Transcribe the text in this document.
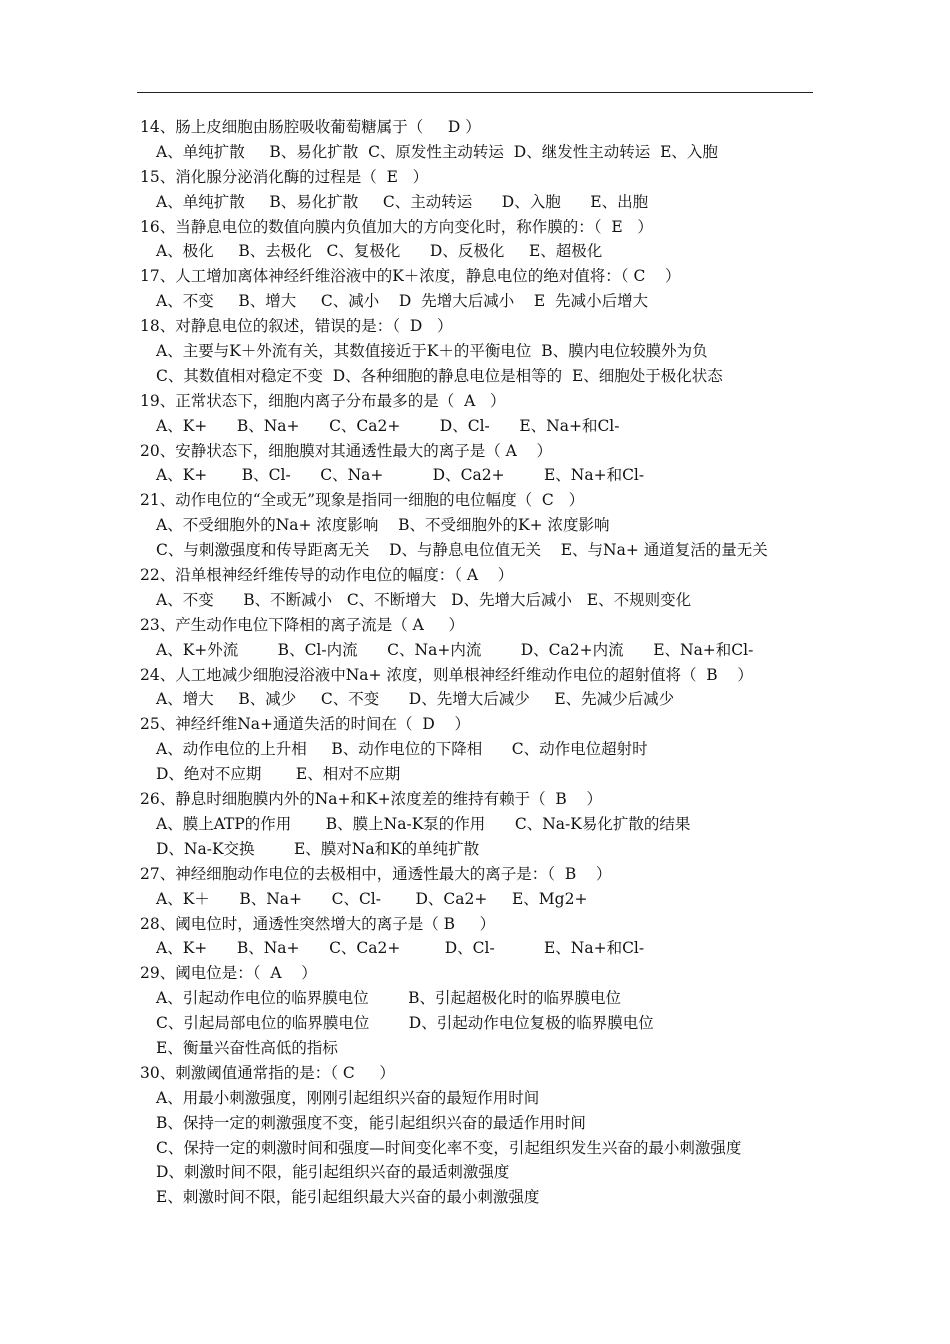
14、肠上皮细胞由肠腔吸收葡萄糖属于（     D ）
A、单纯扩散     B、易化扩散  C、原发性主动转运  D、继发性主动转运  E、入胞
15、消化腺分泌消化酶的过程是（  E   ）
A、单纯扩散     B、易化扩散     C、主动转运      D、入胞      E、出胞
16、当静息电位的数值向膜内负值加大的方向变化时，称作膜的：（  E   ）
A、极化     B、去极化   C、复极化      D、反极化     E、超极化
17、人工增加离体神经纤维浴液中的K＋浓度，静息电位的绝对值将：（ C    ）
A、不变     B、增大     C、减小    D  先增大后减小    E  先减小后增大
18、对静息电位的叙述，错误的是：（  D   ）
A、主要与K＋外流有关，其数值接近于K＋的平衡电位  B、膜内电位较膜外为负
C、其数值相对稳定不变  D、各种细胞的静息电位是相等的  E、细胞处于极化状态
19、正常状态下，细胞内离子分布最多的是（  A   ）
A、K+      B、Na+      C、Ca2+        D、Cl-      E、Na+和Cl-
20、安静状态下，细胞膜对其通透性最大的离子是（ A    ）
A、K+       B、Cl-      C、Na+          D、Ca2+        E、Na+和Cl-
21、动作电位的“全或无”现象是指同一细胞的电位幅度（  C   ）
A、不受细胞外的Na+ 浓度影响    B、不受细胞外的K+ 浓度影响
C、与刺激强度和传导距离无关    D、与静息电位值无关    E、与Na+ 通道复活的量无关
22、沿单根神经纤维传导的动作电位的幅度：（ A    ）
A、不变      B、不断减小   C、不断增大   D、先增大后减小   E、不规则变化
23、产生动作电位下降相的离子流是（ A     ）
A、K+外流        B、Cl-内流      C、Na+内流        D、Ca2+内流      E、Na+和Cl-
24、人工地减少细胞浸浴液中Na+ 浓度，则单根神经纤维动作电位的超射值将（  B    ）
A、增大     B、减少     C、不变      D、先增大后减少     E、先减少后减少
25、神经纤维Na+通道失活的时间在（  D    ）
A、动作电位的上升相     B、动作电位的下降相      C、动作电位超射时
D、绝对不应期       E、相对不应期
26、静息时细胞膜内外的Na+和K+浓度差的维持有赖于（  B    ）
A、膜上ATP的作用       B、膜上Na-K泵的作用      C、Na-K易化扩散的结果
D、Na-K交换        E、膜对Na和K的单纯扩散
27、神经细胞动作电位的去极相中，通透性最大的离子是：（  B    ）
A、K＋      B、Na+      C、Cl-       D、Ca2+     E、Mg2+
28、阈电位时，通透性突然增大的离子是（ B     ）
A、K+      B、Na+      C、Ca2+         D、Cl-          E、Na+和Cl-
29、阈电位是：（  A    ）
A、引起动作电位的临界膜电位        B、引起超极化时的临界膜电位
C、引起局部电位的临界膜电位        D、引起动作电位复极的临界膜电位
E、衡量兴奋性高低的指标
30、刺激阈值通常指的是：（ C     ）
A、用最小刺激强度，刚刚引起组织兴奋的最短作用时间
B、保持一定的刺激强度不变，能引起组织兴奋的最适作用时间
C、保持一定的刺激时间和强度—时间变化率不变，引起组织发生兴奋的最小刺激强度
D、刺激时间不限，能引起组织兴奋的最适刺激强度
E、刺激时间不限，能引起组织最大兴奋的最小刺激强度
